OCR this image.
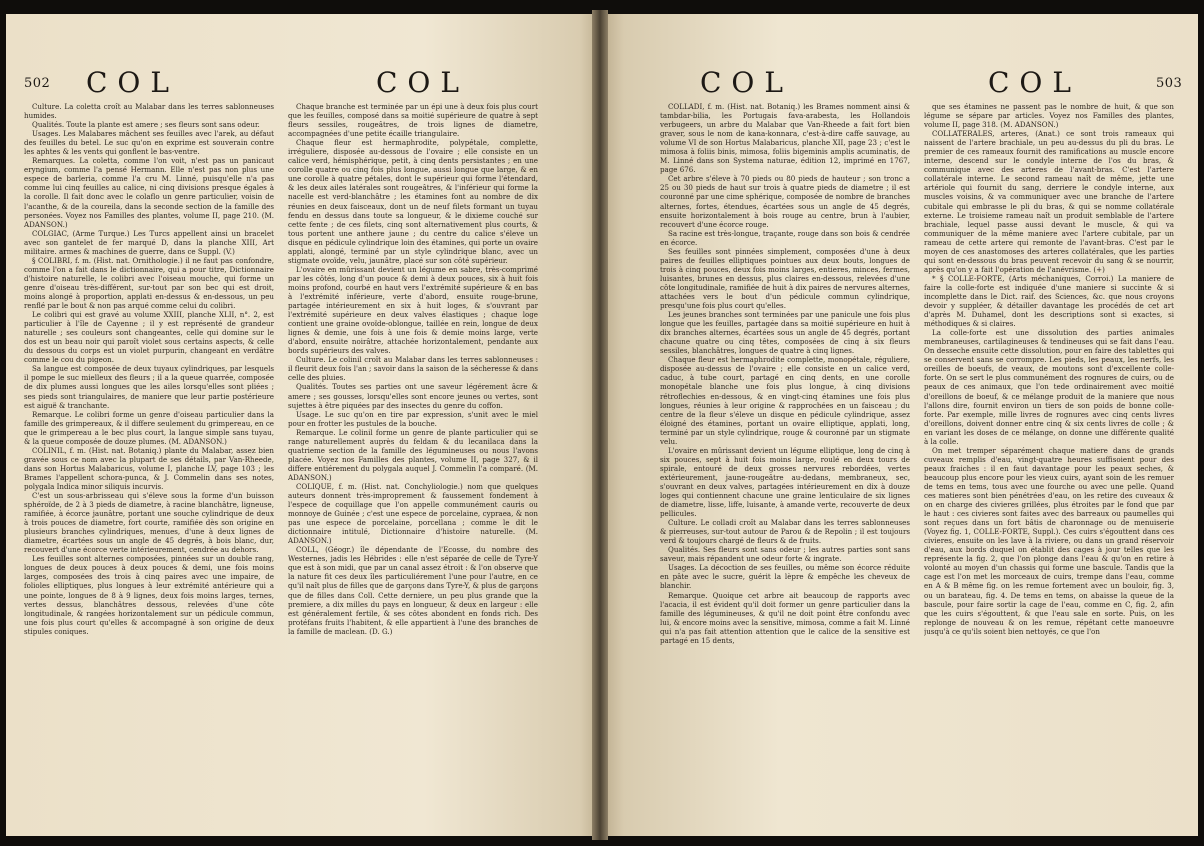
502 COL	COL

Culture. La coletta croît au Malabar dans les terres sablonneuses humides.

Qualités. Toute la plante est amere ; ses fleurs sont sans odeur.

Usages. Les Malabares mâchent ses feuilles avec l'arek, au défaut des feuilles du betel. Le suc qu'on en exprime est souverain contre les aphtes & les vents qui gonflent le bas-ventre.

Remarques. La coletta, comme l'on voit, n'est pas un panicaut eryngium, comme l'a pensé Hermann. Elle n'est pas non plus une espece de barleria, comme l'a cru M. Linné, puisqu'elle n'a pas comme lui cinq feuilles au calice, ni cinq divisions presque égales à la corolle. Il fait donc avec le colaflo un genre particulier, voisin de l'acanthe, & de la coureila, dans la seconde section de la famille des personées. Voyez nos Familles des plantes, volume II, page 210. (M. ADANSON.)

COLGIAC, (Arme Turque.) Les Turcs appellent ainsi un bracelet avec son gantelet de fer marqué D, dans la planche XIII, Art militaire. armes & machines de guerre, dans ce Suppl. (V.)

§ COLIBRI, f. m. (Hist. nat. Ornithologie.) il ne faut pas confondre, comme l'on a fait dans le dictionnaire, qui a pour titre, Dictionnaire d'histoire naturelle, le colibri avec l'oiseau mouche, qui forme un genre d'oiseau très-différent, sur-tout par son bec qui est droit, moins alongé à proportion, applati en-dessus & en-dessous, un peu renflé par le bout & non pas arqué comme celui du colibri.

Le colibri qui est gravé au volume XXIII, planche XLII, n°. 2, est particulier à l'île de Cayenne ; il y est représenté de grandeur naturelle ; ses couleurs sont changeantes, celle qui domine sur le dos est un beau noir qui paroît violet sous certains aspects, & celle du dessous du corps est un violet purpurin, changeant en verdâtre comme le cou du pigeon.

Sa langue est composée de deux tuyaux cylindriques, par lesquels il pompe le suc mielleux des fleurs ; il a la queue quarrée, composée de dix plumes aussi longues que les ailes lorsqu'elles sont pliées ; ses pieds sont triangulaires, de maniere que leur partie postérieure est aiguë & tranchante.

Remarque. Le colibri forme un genre d'oiseau particulier dans la famille des grimpereaux, & il differe seulement du grimpereau, en ce que le grimpereau a le bec plus court, la langue simple sans tuyau, & la queue composée de douze plumes. (M. ADANSON.)

COLINIL, f. m. (Hist. nat. Botaniq.) plante du Malabar, assez bien gravée sous ce nom avec la plupart de ses détails, par Van-Rheede, dans son Hortus Malabaricus, volume I, planche LV, page 103 ; les Brames l'appellent schora-punca, & J. Commelin dans ses notes, polygala Indica minor siliquis incurvis.

C'est un sous-arbrisseau qui s'éleve sous la forme d'un buisson sphéroïde, de 2 à 3 pieds de diametre, à racine blanchâtre, ligneuse, ramifiée, à écorce jaunâtre, portant une souche cylindrique de deux à trois pouces de diametre, fort courte, ramifiée dès son origine en plusieurs branches cylindriques, menues, d'une à deux lignes de diametre, écartées sous un angle de 45 degrés, à bois blanc, dur, recouvert d'une écorce verte intérieurement, cendrée au dehors.

Les feuilles sont alternes composées, pinnées sur un double rang, longues de deux pouces à deux pouces & demi, une fois moins larges, composées des trois à cinq paires avec une impaire, de folioles elliptiques, plus longues à leur extrémité antérieure qui a une pointe, longues de 8 à 9 lignes, deux fois moins larges, ternes, vertes dessus, blanchâtres dessous, relevées d'une côte longitudinale, & rangées horizontalement sur un pédicule commun, une fois plus court qu'elles & accompagné à son origine de deux stipules coniques.

Chaque branche est terminée par un épi une à deux fois plus court que les feuilles, composé dans sa moitié supérieure de quatre à sept fleurs sessiles, rougeâtres, de trois lignes de diametre, accompagnées d'une petite écaille triangulaire.

Chaque fleur est hermaphrodite, polypétale, complette, irréguliere, disposée au-dessous de l'ovaire ; elle consiste en un calice verd, hémisphérique, petit, à cinq dents persistantes ; en une corolle quatre ou cinq fois plus longue, aussi longue que large, & en une corolle à quatre pétales, dont le supérieur qui forme l'étendard, & les deux ailes latérales sont rougeâtres, & l'inférieur qui forme la nacelle est verd-blanchâtre ; les étamines font au nombre de dix réunies en deux faisceaux, dont un de neuf filets formant un tuyau fendu en dessus dans toute sa longueur, & le dixieme couché sur cette fente ; de ces filets, cinq sont alternativement plus courts, & tous portent une anthere jaune ; du centre du calice s'éleve un disque en pédicule cylindrique loin des étamines, qui porte un ovaire applati, alongé, terminé par un style cylindrique blanc, avec un stigmate ovoïde, velu, jaunâtre, placé sur son côté supérieur.

L'ovaire en mûrissant devient un légume en sabre, très-comprimé par les côtés, long d'un pouce & demi à deux pouces, six à huit fois moins profond, courbé en haut vers l'extrémité supérieure & en bas à l'extrémité inférieure, verte d'abord, ensuite rouge-brune, partagée intérieurement en six à huit loges, & s'ouvrant par l'extrémité supérieure en deux valves élastiques ; chaque loge contient une graine ovoïde-oblongue, taillée en rein, longue de deux lignes & demie, une fois à une fois & demie moins large, verte d'abord, ensuite noirâtre, attachée horizontalement, pendante aux bords supérieurs des valves.

Culture. Le colinil croît au Malabar dans les terres sablonneuses : il fleurit deux fois l'an ; savoir dans la saison de la sécheresse & dans celle des pluies.

Qualités. Toutes ses parties ont une saveur légérement âcre & amere ; ses gousses, lorsqu'elles sont encore jeunes ou vertes, sont sujettes à être piquées par des insectes du genre du coffon.

Usage. Le suc qu'on en tire par expression, s'unit avec le miel pour en frotter les pustules de la bouche.

Remarque. Le colinil forme un genre de plante particulier qui se range naturellement auprès du feldam & du lecanilaca dans la quatrieme section de la famille des légumineuses ou nous l'avons placée. Voyez nos Familles des plantes, volume II, page 327, & il differe entiérement du polygala auquel J. Commelin l'a comparé. (M. ADANSON.)

COLIQUE, f. m. (Hist. nat. Conchyliologie.) nom que quelques auteurs donnent très-improprement & faussement fondement à l'espece de coquillage que l'on appelle communément cauris ou monnoye de Guinée ; c'est une espece de porcelaine, cypraea, & non pas une espece de porcelaine, porcellana ; comme le dit le dictionnaire intitulé, Dictionnaire d'histoire naturelle. (M. ADANSON.)

COLL, (Géogr.) île dépendante de l'Ecosse, du nombre des Westernes, jadis les Hébrides : elle n'est séparée de celle de Tyre-Y que est à son midi, que par un canal assez étroit : & l'on observe que la nature fit ces deux îles particuliérement l'une pour l'autre, en ce qu'il naît plus de filles que de garçons dans Tyre-Y, & plus de garçons que de filles dans Coll. Cette derniere, un peu plus grande que la premiere, a dix milles du pays en longueur, & deux en largeur : elle est généralement fertile, & ses côtes abondent en fonds rich. Des protéfans fruits l'habitent, & elle appartient à l'une des branches de la famille de maclean. (D. G.)

COL	COL	503

COLLADI, f. m. (Hist. nat. Botaniq.) les Brames nomment ainsi & tambdar-bilia, les Portugais fava-arabesta, les Hollandois verbugeers, un arbre du Malabar que Van-Rheede a fait fort bien graver, sous le nom de kana-konnara, c'est-à-dire caffe sauvage, au volume VI de son Hortus Malabaricus, planche XII, page 23 ; c'est le mimosa à foliis binis, mimosa, foliis bigeminis amplis acuminatis, de M. Linné dans son Systema naturae, édition 12, imprimé en 1767, page 676.

Cet arbre s'éleve à 70 pieds ou 80 pieds de hauteur ; son tronc a 25 ou 30 pieds de haut sur trois à quatre pieds de diametre ; il est couronné par une cime sphérique, composée de nombre de branches alternes, fortes, étendues, écartées sous un angle de 45 degrés, ensuite horizontalement à bois rouge au centre, brun à l'aubier, recouvert d'une écorce rouge.

Sa racine est très-longue, traçante, rouge dans son bois & cendrée en écorce.

Ses feuilles sont pinnées simplement, composées d'une à deux paires de feuilles elliptiques pointues aux deux bouts, longues de trois à cinq pouces, deux fois moins larges, entieres, minces, fermes, luisantes, brunes en dessus, plus claires en-dessous, relevées d'une côte longitudinale, ramifiée de huit à dix paires de nervures alternes, attachées vers le bout d'un pédicule commun cylindrique, presqu'une fois plus court qu'elles.

Les jeunes branches sont terminées par une panicule une fois plus longue que les feuilles, partagée dans sa moitié supérieure en huit à dix branches alternes, écartées sous un angle de 45 degrés, portant chacune quatre ou cinq têtes, composées de cinq à six fleurs sessiles, blanchâtres, longues de quatre à cinq lignes.

Chaque fleur est hermaphrodite complette, monopétale, réguliere, disposée au-dessus de l'ovaire ; elle consiste en un calice verd, caduc, à tube court, partagé en cinq dents, en une corolle monopétale blanche une fois plus longue, à cinq divisions rétroflechies en-dessous, & en vingt-cinq étamines une fois plus longues, réunies à leur origine & rapprochées en un faisceau ; du centre de la fleur s'éleve un disque en pédicule cylindrique, assez éloigné des étamines, portant un ovaire elliptique, applati, long, terminé par un style cylindrique, rouge & couronné par un stigmate velu.

L'ovaire en mûrissant devient un légume elliptique, long de cinq à six pouces, sept à huit fois moins large, roulé en deux tours de spirale, entouré de deux grosses nervures rebordées, vertes extérieurement, jaune-rougeâtre au-dedans, membraneux, sec, s'ouvrant en deux valves, partagées intérieurement en dix à douze loges qui contiennent chacune une graine lenticulaire de six lignes de diametre, lisse, liffe, luisante, à amande verte, recouverte de deux pellicules.

Culture. Le colladi croît au Malabar dans les terres sablonneuses & pierreuses, sur-tout autour de Parou & de Repolin ; il est toujours verd & toujours chargé de fleurs & de fruits.

Qualités. Ses fleurs sont sans odeur ; les autres parties sont sans saveur, mais répandent une odeur forte & ingrate.

Usages. La décoction de ses feuilles, ou même son écorce réduite en pâte avec le sucre, guérit la lèpre & empêche les cheveux de blanchir.

Remarque. Quoique cet arbre ait beaucoup de rapports avec l'acacia, il est évident qu'il doit former un genre particulier dans la famille des légumineuses, & qu'il ne doit point être confondu avec lui, & encore moins avec la sensitive, mimosa, comme a fait M. Linné qui n'a pas fait attention attention que le calice de la sensitive est partagé en 15 dents,

que ses étamines ne passent pas le nombre de huit, & que son légume se sépare par articles. Voyez nos Familles des plantes, volume II, page 318. (M. ADANSON.)

COLLATERALES, arteres, (Anat.) ce sont trois rameaux qui naissent de l'artere brachiale, un peu au-dessus du pli du bras. Le premier de ces rameaux fournit des ramifications au muscle encore interne, descend sur le condyle interne de l'os du bras, & communique avec des arteres de l'avant-bras. C'est l'artere collatérale interne. Le second rameau naît de même, jette une artériole qui fournit du sang, derriere le condyle interne, aux muscles voisins, & va communiquer avec une branche de l'artere cubitale qui embrasse le pli du bras, & qui se nomme collatérale externe. Le troisieme rameau naît un produit semblable de l'artere brachiale, lequel passe aussi devant le muscle, & qui va communiquer de la même maniere avec l'artere cubitale, par un rameau de cette artere qui remonte de l'avant-bras. C'est par le moyen de ces anastomoses des arteres collatérales, que les parties qui sont en-dessous du bras peuvent recevoir du sang & se nourrir, après qu'on y a fait l'opération de l'anévrisme. (+)

* § COLLE-FORTE, (Arts méchaniques, Corroi.) La maniere de faire la colle-forte est indiquée d'une maniere si succinte & si incomplette dans le Dict. raif. des Sciences, &c. que nous croyons devoir y suppléer, & détailler davantage les procédés de cet art d'après M. Duhamel, dont les descriptions sont si exactes, si méthodiques & si claires.

La colle-forte est une dissolution des parties animales membraneuses, cartilagineuses & tendineuses qui se fait dans l'eau. On desseche ensuite cette dissolution, pour en faire des tablettes qui se conservent sans se corrompre. Les pieds, les peaux, les nerfs, les oreilles de boeufs, de veaux, de moutons sont d'excellente colle-forte. On se sert le plus communément des rognures de cuirs, ou de peaux de ces animaux, que l'on tede ordinairement avec moitié d'oreillons de boeuf, & ce mélange produit de la maniere que nous l'allons dire, fournit environ un tiers de son poids de bonne colle-forte. Par exemple, mille livres de rognures avec cinq cents livres d'oreillons, doivent donner entre cinq & six cents livres de colle ; & en variant les doses de ce mélange, on donne une différente qualité à la colle.

On met tremper séparément chaque matiere dans de grands cuveaux remplis d'eau, vingt-quatre heures suffisoient pour des peaux fraiches : il en faut davantage pour les peaux seches, & beaucoup plus encore pour les vieux cuirs, ayant soin de les remuer de tems en tems, tous avec une fourche ou avec une pelle. Quand ces matieres sont bien pénétrées d'eau, on les retire des cuveaux & on en charge des civieres grillées, plus étroites par le fond que par le haut : ces civieres sont faites avec des barreaux ou paumelles qui sont reçues dans un fort bâtis de charonnage ou de menuiserie (Voyez fig. 1, COLLE-FORTE, Suppl.). Ces cuirs s'égouttent dans ces civieres, ensuite on les lave à la riviere, ou dans un grand réservoir d'eau, aux bords duquel on établit des cages à jour telles que les représente la fig. 2, que l'on plonge dans l'eau & qu'on en retire à volonté au moyen d'un chassis qui forme une bascule. Tandis que la cage est l'on met les morceaux de cuirs, trempe dans l'eau, comme en A & B même fig. on les remue fortement avec un bouloir, fig. 3, ou un barateau, fig. 4. De tems en tems, on abaisse la queue de la bascule, pour faire sortir la cage de l'eau, comme en C, fig. 2, afin que les cuirs s'égouttent, & que l'eau sale en sorte. Puis, on les replonge de nouveau & on les remue, répétant cette manoeuvre jusqu'à ce qu'ils soient bien nettoyés, ce que l'on
